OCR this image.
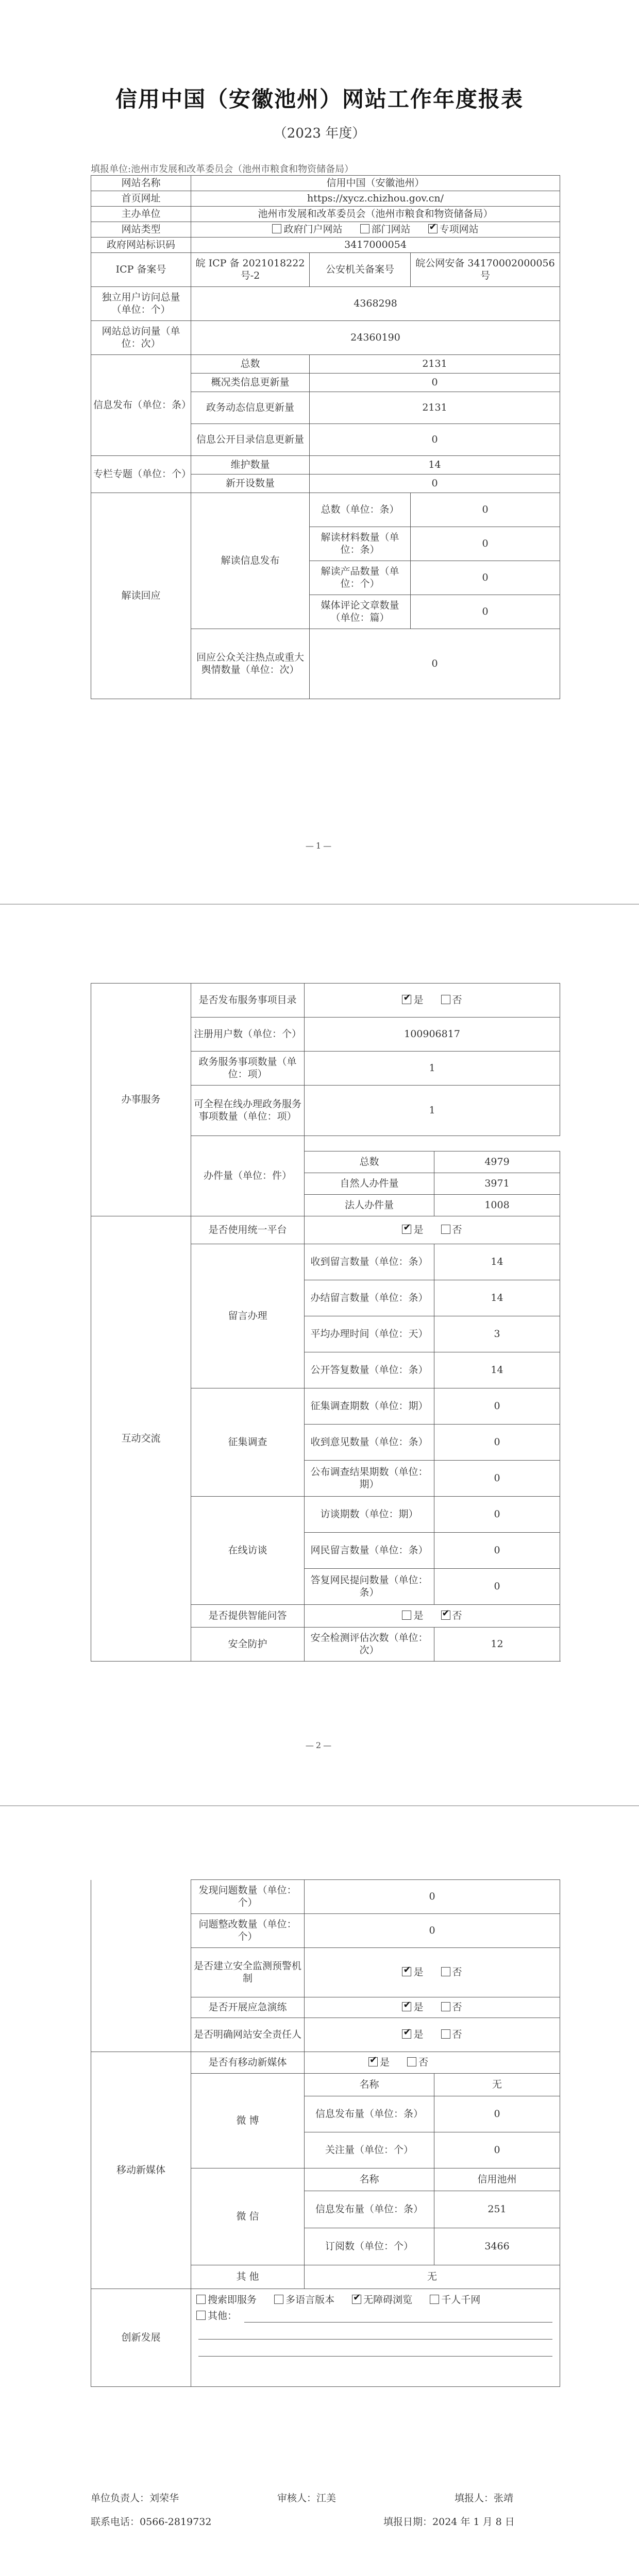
信用中国（安徽池州）网站工作年度报表
（2023 年度）
填报单位:池州市发展和改革委员会（池州市粮食和物资储备局）
网站名称	信用中国（安徽池州）		
首页网址	https://xycz.chizhou.gov.cn/		
主办单位	池州市发展和改革委员会（池州市粮食和物资储备局）		
网站类型	政府门户网站 部门网站 ✔ 专项网站
政府网站标识码	3417000054		
ICP 备案号	皖 ICP 备 2021018222 号-2	公安机关备案号	皖公网安备 34170002000056 号
独立用户访问总量（单位：个）	4368298		
网站总访问量（单位：次）	24360190		
信息发布（单位：条）	总数	2131	
	概况类信息更新量	0	
	政务动态信息更新量	2131	
	信息公开目录信息更新量	0	
专栏专题（单位：个）	维护数量	14	
	新开设数量	0	
解读回应	解读信息发布	总数（单位：条）	0
		解读材料数量（单位：条）	0
		解读产品数量（单位：个）	0
		媒体评论文章数量（单位：篇）	0
	回应公众关注热点或重大舆情数量（单位：次）	0	
—1—
办事服务	是否发布服务事项目录	✔是 否
	注册用户数（单位：个）	100906817	
	政务服务事项数量（单位：项）	1	
	可全程在线办理政务服务事项数量（单位：项）	1	
	办件量（单位：件）		
		总数	4979
		自然人办件量	3971
		法人办件量	1008
互动交流	是否使用统一平台	✔是 否
	留言办理	收到留言数量（单位：条）	14
		办结留言数量（单位：条）	14
		平均办理时间（单位：天）	3
		公开答复数量（单位：条）	14
	征集调查	征集调查期数（单位：期）	0
		收到意见数量（单位：条）	0
		公布调查结果期数（单位：期）	0
	在线访谈	访谈期数（单位：期）	0
		网民留言数量（单位：条）	0
		答复网民提问数量（单位：条）	0
	是否提供智能问答	是 ✔ 否
	安全防护	安全检测评估次数（单位：次）	12
—2—
	发现问题数量（单位：个）	0	
	问题整改数量（单位：个）	0	
	是否建立安全监测预警机制	✔是 否
	是否开展应急演练	✔是 否
	是否明确网站安全责任人	✔是 否
移动新媒体	是否有移动新媒体	✔是 否
	微 博	名称	无
		信息发布量（单位：条）	0
		关注量（单位：个）	0
	微 信	名称	信用池州
		信息发布量（单位：条）	251
		订阅数（单位：个）	3466
	其 他	无	
创新发展	搜索即服务 多语言版本 ✔ 无障碍浏览 千人千网
其他：
单位负责人：刘荣华	审核人：江美	填报人：张靖
联系电话：0566-2819732	填报日期：2024 年 1 月 8 日
